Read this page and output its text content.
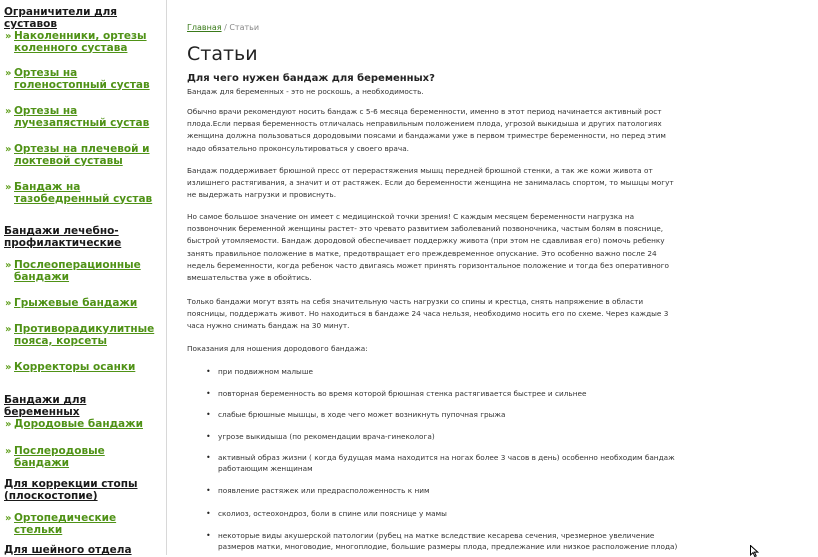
Ограничители для суставов
» Наколенники, ортезы коленного сустава
» Ортезы на голеностопный сустав
» Ортезы на лучезапястный сустав
» Ортезы на плечевой и локтевой суставы
» Бандаж на тазобедренный сустав
Бандажи лечебно-профилактические
» Послеоперационные бандажи
» Грыжевые бандажи
» Противорадикулитные пояса, корсеты
» Корректоры осанки
Бандажи для беременных
» Дородовые бандажи
» Послеродовые бандажи
Для коррекции стопы (плоскостопие)
» Ортопедические стельки
Для шейного отдела
Главная / Статьи
Статьи
Для чего нужен бандаж для беременных?
Бандаж для беременных - это не роскошь, а необходимость.

Обычно врачи рекомендуют носить бандаж с 5-6 месяца беременности, именно в этот период начинается активный рост плода.Если первая беременность отличалась неправильным положением плода, угрозой выкидыша и других патологиях женщина должна пользоваться дородовыми поясами и бандажами уже в первом триместре беременности, но перед этим надо обязательно проконсультироваться у своего врача.

Бандаж поддерживает брюшной пресс от перерастяжения мышц передней брюшной стенки, а так же кожи живота от излишнего растягивания, а значит и от растяжек. Если до беременности женщина не занималась спортом, то мышцы могут не выдержать нагрузки и провиснуть.

Но самое большое значение он имеет с медицинской точки зрения! С каждым месяцем беременности нагрузка на позвоночник беременной женщины растет- это чревато развитием заболеваний позвоночника, частым болям в пояснице, быстрой утомляемости. Бандаж дородовой обеспечивает поддержку живота (при этом не сдавливая его) помочь ребенку занять правильное положение в матке, предотвращает его преждевременное опускание. Это особенно важно после 24 недель беременности, когда ребенок часто двигаясь может принять горизонтальное положение и тогда без оперативного вмешательства уже в обойтись.

Только бандажи могут взять на себя значительную часть нагрузки со спины и крестца, снять напряжение в области поясницы, поддержать живот. Но находиться в бандаже 24 часа нельзя, необходимо носить его по схеме. Через каждые 3 часа нужно снимать бандаж на 30 минут.

Показания для ношения дородового бандажа:

• при подвижном малыше
• повторная беременность во время которой брюшная стенка растягивается быстрее и сильнее
• слабые брюшные мышцы, в ходе чего может возникнуть пупочная грыжа
• угрозе выкидыша (по рекомендации врача-гинеколога)
• активный образ жизни ( когда будущая мама находится на ногах более 3 часов в день) особенно необходим бандаж работающим женщинам
• появление растяжек или предрасположенность к ним
• сколиоз, остеохондроз, боли в спине или пояснице у мамы
• некоторые виды акушерской патологии (рубец на матке вследствие кесарева сечения, чрезмерное увеличение размеров матки, многоводие, многоплодие, большие размеры плода, предлежание или низкое расположение плода)
